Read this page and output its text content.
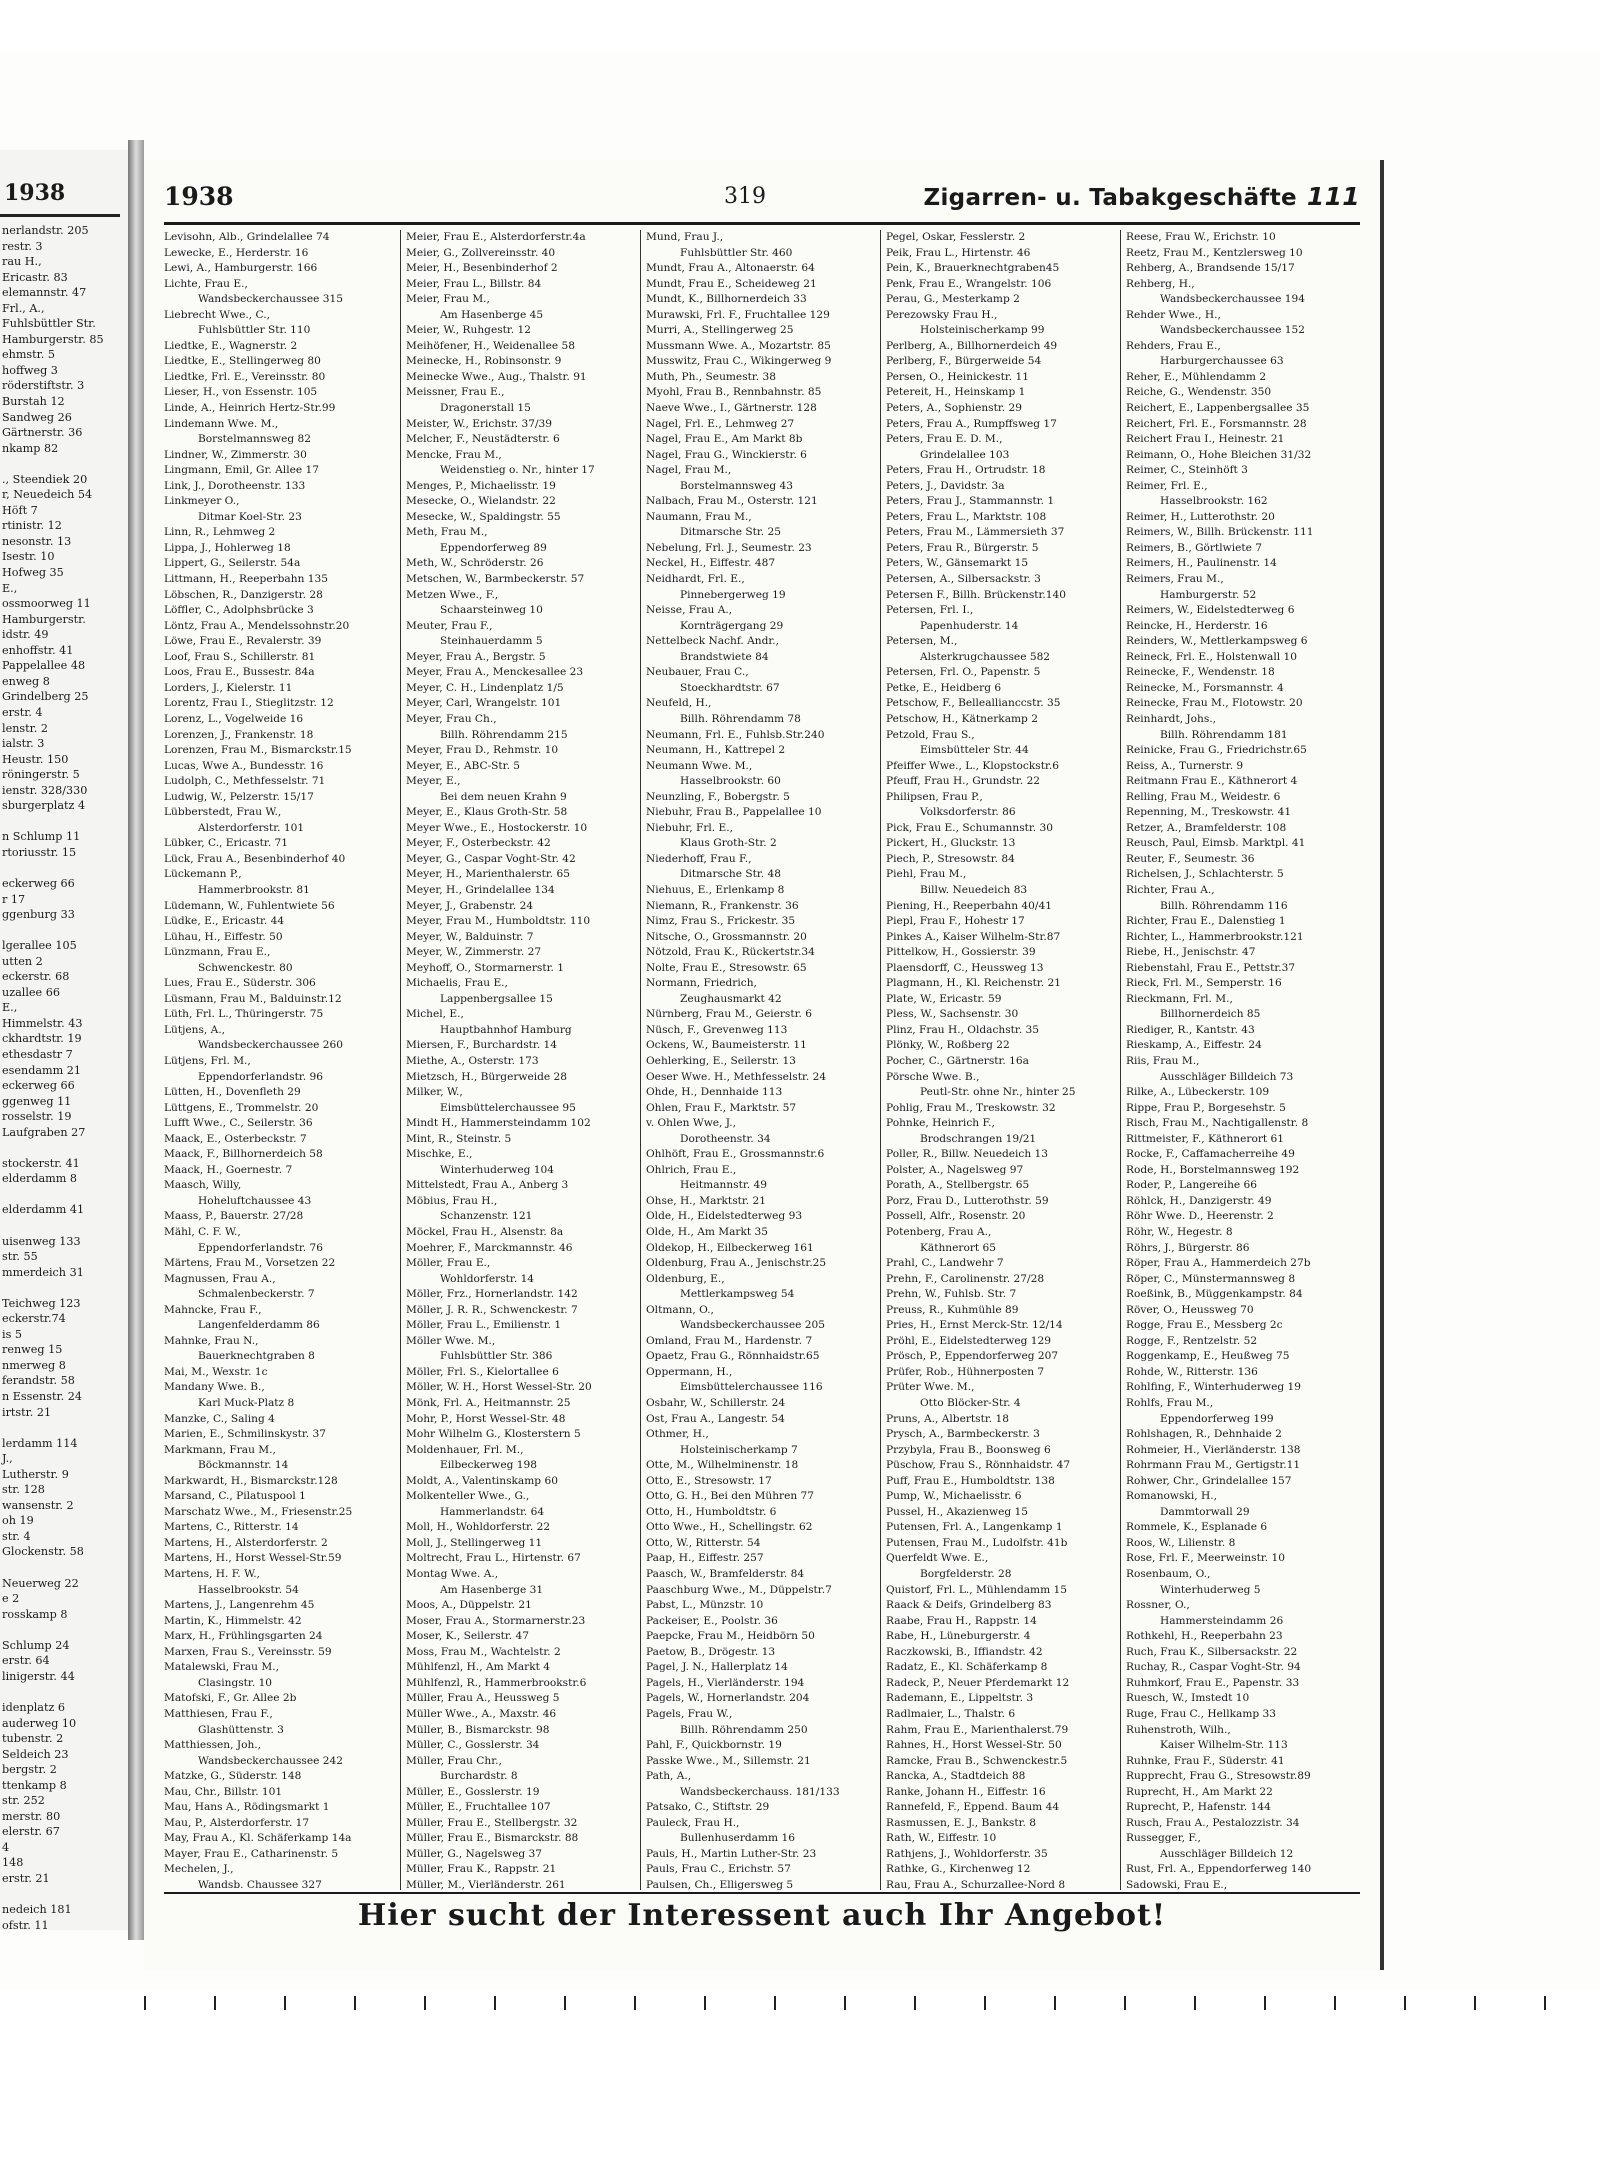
1938
nerlandstr. 205
restr. 3
rau H.,
Ericastr. 83
elemannstr. 47
Frl., A.,
Fuhlsbüttler Str.
Hamburgerstr. 85
ehmstr. 5
hoffweg 3
röderstiftstr. 3
Burstah 12
Sandweg 26
Gärtnerstr. 36
nkamp 82

., Steendiek 20
r, Neuedeich 54
Höft 7
rtinistr. 12
nesonstr. 13
Isestr. 10
Hofweg 35
E.,
ossmoorweg 11
Hamburgerstr.
idstr. 49
enhoffstr. 41
Pappelallee 48
enweg 8
Grindelberg 25
erstr. 4
lenstr. 2
ialstr. 3
Heustr. 150
röningerstr. 5
ienstr. 328/330
sburgerplatz 4

n Schlump 11
rtoriusstr. 15

eckerweg 66
r 17
ggenburg 33

lgerallee 105
utten 2
eckerstr. 68
uzallee 66
E.,
Himmelstr. 43
ckhardtstr. 19
ethesdastr 7
esendamm 21
eckerweg 66
ggenweg 11
rosselstr. 19
Laufgraben 27

stockerstr. 41
elderdamm 8

elderdamm 41

uisenweg 133
str. 55
mmerdeich 31

Teichweg 123
eckerstr.74
is 5
renweg 15
nmerweg 8
ferandstr. 58
n Essenstr. 24
irtstr. 21

lerdamm 114
J.,
Lutherstr. 9
str. 128
wansenstr. 2
oh 19
str. 4
Glockenstr. 58

Neuerweg 22
e 2
rosskamp 8

Schlump 24
erstr. 64
linigerstr. 44

idenplatz 6
auderweg 10
tubenstr. 2
Seldeich 23
bergstr. 2
ttenkamp 8
str. 252
merstr. 80
elerstr. 67
4
148
erstr. 21

nedeich 181
ofstr. 11

1938	319	Zigarren- u. Tabakgeschäfte 111
Levisohn, Alb., Grindelallee 74
Lewecke, E., Herderstr. 16
Lewi, A., Hamburgerstr. 166
Lichte, Frau E.,
Wandsbeckerchaussee 315
Liebrecht Wwe., C.,
Fuhlsbüttler Str. 110
Liedtke, E., Wagnerstr. 2
Liedtke, E., Stellingerweg 80
Liedtke, Frl. E., Vereinsstr. 80
Lieser, H., von Essenstr. 105
Linde, A., Heinrich Hertz-Str.99
Lindemann Wwe. M.,
Borstelmannsweg 82
Lindner, W., Zimmerstr. 30
Lingmann, Emil, Gr. Allee 17
Link, J., Dorotheenstr. 133
Linkmeyer O.,
Ditmar Koel-Str. 23
Linn, R., Lehmweg 2
Lippa, J., Hohlerweg 18
Lippert, G., Seilerstr. 54a
Littmann, H., Reeperbahn 135
Löbschen, R., Danzigerstr. 28
Löffler, C., Adolphsbrücke 3
Löntz, Frau A., Mendelssohnstr.20
Löwe, Frau E., Revalerstr. 39
Loof, Frau S., Schillerstr. 81
Loos, Frau E., Bussestr. 84a
Lorders, J., Kielerstr. 11
Lorentz, Frau I., Stieglitzstr. 12
Lorenz, L., Vogelweide 16
Lorenzen, J., Frankenstr. 18
Lorenzen, Frau M., Bismarckstr.15
Lucas, Wwe A., Bundesstr. 16
Ludolph, C., Methfesselstr. 71
Ludwig, W., Pelzerstr. 15/17
Lübberstedt, Frau W.,
Alsterdorferstr. 101
Lübker, C., Ericastr. 71
Lück, Frau A., Besenbinderhof 40
Lückemann P.,
Hammerbrookstr. 81
Lüdemann, W., Fuhlentwiete 56
Lüdke, E., Ericastr. 44
Lühau, H., Eiffestr. 50
Lünzmann, Frau E.,
Schwenckestr. 80
Lues, Frau E., Süderstr. 306
Lüsmann, Frau M., Balduinstr.12
Lüth, Frl. L., Thüringerstr. 75
Lütjens, A.,
Wandsbeckerchaussee 260
Lütjens, Frl. M.,
Eppendorferlandstr. 96
Lütten, H., Dovenfleth 29
Lüttgens, E., Trommelstr. 20
Lufft Wwe., C., Seilerstr. 36
Maack, E., Osterbeckstr. 7
Maack, F., Billhornerdeich 58
Maack, H., Goernestr. 7
Maasch, Willy,
Hoheluftchaussee 43
Maass, P., Bauerstr. 27/28
Mähl, C. F. W.,
Eppendorferlandstr. 76
Märtens, Frau M., Vorsetzen 22
Magnussen, Frau A.,
Schmalenbeckerstr. 7
Mahncke, Frau F.,
Langenfelderdamm 86
Mahnke, Frau N.,
Bauerknechtgraben 8
Mai, M., Wexstr. 1c
Mandany Wwe. B.,
Karl Muck-Platz 8
Manzke, C., Saling 4
Marien, E., Schmilinskystr. 37
Markmann, Frau M.,
Böckmannstr. 14
Markwardt, H., Bismarckstr.128
Marsand, C., Pilatuspool 1
Marschatz Wwe., M., Friesenstr.25
Martens, C., Ritterstr. 14
Martens, H., Alsterdorferstr. 2
Martens, H., Horst Wessel-Str.59
Martens, H. F. W.,
Hasselbrookstr. 54
Martens, J., Langenrehm 45
Martin, K., Himmelstr. 42
Marx, H., Frühlingsgarten 24
Marxen, Frau S., Vereinsstr. 59
Matalewski, Frau M.,
Clasingstr. 10
Matofski, F., Gr. Allee 2b
Matthiesen, Frau F.,
Glashüttenstr. 3
Matthiessen, Joh.,
Wandsbeckerchaussee 242
Matzke, G., Süderstr. 148
Mau, Chr., Billstr. 101
Mau, Hans A., Rödingsmarkt 1
Mau, P., Alsterdorferstr. 17
May, Frau A., Kl. Schäferkamp 14a
Mayer, Frau E., Catharinenstr. 5
Mechelen, J.,
Wandsb. Chaussee 327
Meier, Frau E., Alsterdorferstr.4a
Meier, G., Zollvereinsstr. 40
Meier, H., Besenbinderhof 2
Meier, Frau L., Billstr. 84
Meier, Frau M.,
Am Hasenberge 45
Meier, W., Ruhgestr. 12
Meihöfener, H., Weidenallee 58
Meinecke, H., Robinsonstr. 9
Meinecke Wwe., Aug., Thalstr. 91
Meissner, Frau E.,
Dragonerstall 15
Meister, W., Erichstr. 37/39
Melcher, F., Neustädterstr. 6
Mencke, Frau M.,
Weidenstieg o. Nr., hinter 17
Menges, P., Michaelisstr. 19
Mesecke, O., Wielandstr. 22
Mesecke, W., Spaldingstr. 55
Meth, Frau M.,
Eppendorferweg 89
Meth, W., Schröderstr. 26
Metschen, W., Barmbeckerstr. 57
Metzen Wwe., F.,
Schaarsteinweg 10
Meuter, Frau F.,
Steinhauerdamm 5
Meyer, Frau A., Bergstr. 5
Meyer, Frau A., Menckesallee 23
Meyer, C. H., Lindenplatz 1/5
Meyer, Carl, Wrangelstr. 101
Meyer, Frau Ch.,
Billh. Röhrendamm 215
Meyer, Frau D., Rehmstr. 10
Meyer, E., ABC-Str. 5
Meyer, E.,
Bei dem neuen Krahn 9
Meyer, E., Klaus Groth-Str. 58
Meyer Wwe., E., Hostockerstr. 10
Meyer, F., Osterbeckstr. 42
Meyer, G., Caspar Voght-Str. 42
Meyer, H., Marienthalerstr. 65
Meyer, H., Grindelallee 134
Meyer, J., Grabenstr. 24
Meyer, Frau M., Humboldtstr. 110
Meyer, W., Balduinstr. 7
Meyer, W., Zimmerstr. 27
Meyhoff, O., Stormarnerstr. 1
Michaelis, Frau E.,
Lappenbergsallee 15
Michel, E.,
Hauptbahnhof Hamburg
Miersen, F., Burchardstr. 14
Miethe, A., Osterstr. 173
Mietzsch, H., Bürgerweide 28
Milker, W.,
Eimsbüttelerchaussee 95
Mindt H., Hammersteindamm 102
Mint, R., Steinstr. 5
Mischke, E.,
Winterhuderweg 104
Mittelstedt, Frau A., Anberg 3
Möbius, Frau H.,
Schanzenstr. 121
Möckel, Frau H., Alsenstr. 8a
Moehrer, F., Marckmannstr. 46
Möller, Frau E.,
Wohldorferstr. 14
Möller, Frz., Hornerlandstr. 142
Möller, J. R. R., Schwenckestr. 7
Möller, Frau L., Emilienstr. 1
Möller Wwe. M.,
Fuhlsbüttler Str. 386
Möller, Frl. S., Kielortallee 6
Möller, W. H., Horst Wessel-Str. 20
Mönk, Frl. A., Heitmannstr. 25
Mohr, P., Horst Wessel-Str. 48
Mohr Wilhelm G., Klosterstern 5
Moldenhauer, Frl. M.,
Eilbeckerweg 198
Moldt, A., Valentinskamp 60
Molkenteller Wwe., G.,
Hammerlandstr. 64
Moll, H., Wohldorferstr. 22
Moll, J., Stellingerweg 11
Moltrecht, Frau L., Hirtenstr. 67
Montag Wwe. A.,
Am Hasenberge 31
Moos, A., Düppelstr. 21
Moser, Frau A., Stormarnerstr.23
Moser, K., Seilerstr. 47
Moss, Frau M., Wachtelstr. 2
Mühlfenzl, H., Am Markt 4
Mühlfenzl, R., Hammerbrookstr.6
Müller, Frau A., Heussweg 5
Müller Wwe., A., Maxstr. 46
Müller, B., Bismarckstr. 98
Müller, C., Gosslerstr. 34
Müller, Frau Chr.,
Burchardstr. 8
Müller, E., Gosslerstr. 19
Müller, E., Fruchtallee 107
Müller, Frau E., Stellbergstr. 32
Müller, Frau E., Bismarckstr. 88
Müller, G., Nagelsweg 37
Müller, Frau K., Rappstr. 21
Müller, M., Vierländerstr. 261
Mund, Frau J.,
Fuhlsbüttler Str. 460
Mundt, Frau A., Altonaerstr. 64
Mundt, Frau E., Scheideweg 21
Mundt, K., Billhornerdeich 33
Murawski, Frl. F., Fruchtallee 129
Murri, A., Stellingerweg 25
Mussmann Wwe. A., Mozartstr. 85
Musswitz, Frau C., Wikingerweg 9
Muth, Ph., Seumestr. 38
Myohl, Frau B., Rennbahnstr. 85
Naeve Wwe., I., Gärtnerstr. 128
Nagel, Frl. E., Lehmweg 27
Nagel, Frau E., Am Markt 8b
Nagel, Frau G., Winckierstr. 6
Nagel, Frau M.,
Borstelmannsweg 43
Nalbach, Frau M., Osterstr. 121
Naumann, Frau M.,
Ditmarsche Str. 25
Nebelung, Frl. J., Seumestr. 23
Neckel, H., Eiffestr. 487
Neidhardt, Frl. E.,
Pinnebergerweg 19
Neisse, Frau A.,
Kornträgergang 29
Nettelbeck Nachf. Andr.,
Brandstwiete 84
Neubauer, Frau C.,
Stoeckhardtstr. 67
Neufeld, H.,
Billh. Röhrendamm 78
Neumann, Frl. E., Fuhlsb.Str.240
Neumann, H., Kattrepel 2
Neumann Wwe. M.,
Hasselbrookstr. 60
Neunzling, F., Bobergstr. 5
Niebuhr, Frau B., Pappelallee 10
Niebuhr, Frl. E.,
Klaus Groth-Str. 2
Niederhoff, Frau F.,
Ditmarsche Str. 48
Niehuus, E., Erlenkamp 8
Niemann, R., Frankenstr. 36
Nimz, Frau S., Frickestr. 35
Nitsche, O., Grossmannstr. 20
Nötzold, Frau K., Rückertstr.34
Nolte, Frau E., Stresowstr. 65
Normann, Friedrich,
Zeughausmarkt 42
Nürnberg, Frau M., Geierstr. 6
Nüsch, F., Grevenweg 113
Ockens, W., Baumeisterstr. 11
Oehlerking, E., Seilerstr. 13
Oeser Wwe. H., Methfesselstr. 24
Ohde, H., Dennhaide 113
Ohlen, Frau F., Marktstr. 57
v. Ohlen Wwe, J.,
Dorotheenstr. 34
Ohlhöft, Frau E., Grossmannstr.6
Ohlrich, Frau E.,
Heitmannstr. 49
Ohse, H., Marktstr. 21
Olde, H., Eidelstedterweg 93
Olde, H., Am Markt 35
Oldekop, H., Eilbeckerweg 161
Oldenburg, Frau A., Jenischstr.25
Oldenburg, E.,
Mettlerkampsweg 54
Oltmann, O.,
Wandsbeckerchaussee 205
Omland, Frau M., Hardenstr. 7
Opaetz, Frau G., Rönnhaidstr.65
Oppermann, H.,
Eimsbüttelerchaussee 116
Osbahr, W., Schillerstr. 24
Ost, Frau A., Langestr. 54
Othmer, H.,
Holsteinischerkamp 7
Otte, M., Wilhelminenstr. 18
Otto, E., Stresowstr. 17
Otto, G. H., Bei den Mühren 77
Otto, H., Humboldtstr. 6
Otto Wwe., H., Schellingstr. 62
Otto, W., Ritterstr. 54
Paap, H., Eiffestr. 257
Paasch, W., Bramfelderstr. 84
Paaschburg Wwe., M., Düppelstr.7
Pabst, L., Münzstr. 10
Packeiser, E., Poolstr. 36
Paepcke, Frau M., Heidbörn 50
Paetow, B., Drögestr. 13
Pagel, J. N., Hallerplatz 14
Pagels, H., Vierländerstr. 194
Pagels, W., Hornerlandstr. 204
Pagels, Frau W.,
Billh. Röhrendamm 250
Pahl, F., Quickbornstr. 19
Passke Wwe., M., Sillemstr. 21
Path, A.,
Wandsbeckerchauss. 181/133
Patsako, C., Stiftstr. 29
Pauleck, Frau H.,
Bullenhuserdamm 16
Pauls, H., Martin Luther-Str. 23
Pauls, Frau C., Erichstr. 57
Paulsen, Ch., Elligersweg 5
Pegel, Oskar, Fesslerstr. 2
Peik, Frau L., Hirtenstr. 46
Pein, K., Brauerknechtgraben45
Penk, Frau E., Wrangelstr. 106
Perau, G., Mesterkamp 2
Perezowsky Frau H.,
Holsteinischerkamp 99
Perlberg, A., Billhornerdeich 49
Perlberg, F., Bürgerweide 54
Persen, O., Heinickestr. 11
Petereit, H., Heinskamp 1
Peters, A., Sophienstr. 29
Peters, Frau A., Rumpffsweg 17
Peters, Frau E. D. M.,
Grindelallee 103
Peters, Frau H., Ortrudstr. 18
Peters, J., Davidstr. 3a
Peters, Frau J., Stammannstr. 1
Peters, Frau L., Marktstr. 108
Peters, Frau M., Lämmersieth 37
Peters, Frau R., Bürgerstr. 5
Peters, W., Gänsemarkt 15
Petersen, A., Silbersackstr. 3
Petersen F., Billh. Brückenstr.140
Petersen, Frl. I.,
Papenhuderstr. 14
Petersen, M.,
Alsterkrugchaussee 582
Petersen, Frl. O., Papenstr. 5
Petke, E., Heidberg 6
Petschow, F., Belleallianccstr. 35
Petschow, H., Kätnerkamp 2
Petzold, Frau S.,
Eimsbütteler Str. 44
Pfeiffer Wwe., L., Klopstockstr.6
Pfeuff, Frau H., Grundstr. 22
Philipsen, Frau P.,
Volksdorferstr. 86
Pick, Frau E., Schumannstr. 30
Pickert, H., Gluckstr. 13
Piech, P., Stresowstr. 84
Piehl, Frau M.,
Billw. Neuedeich 83
Piening, H., Reeperbahn 40/41
Piepl, Frau F., Hohestr 17
Pinkes A., Kaiser Wilhelm-Str.87
Pittelkow, H., Gossierstr. 39
Plaensdorff, C., Heussweg 13
Plagmann, H., Kl. Reichenstr. 21
Plate, W., Ericastr. 59
Pless, W., Sachsenstr. 30
Plinz, Frau H., Oldachstr. 35
Plönky, W., Roßberg 22
Pocher, C., Gärtnerstr. 16a
Pörsche Wwe. B.,
Peutl-Str. ohne Nr., hinter 25
Pohlig, Frau M., Treskowstr. 32
Pohnke, Heinrich F.,
Brodschrangen 19/21
Poller, R., Billw. Neuedeich 13
Polster, A., Nagelsweg 97
Porath, A., Stellbergstr. 65
Porz, Frau D., Lutterothstr. 59
Possell, Alfr., Rosenstr. 20
Potenberg, Frau A.,
Käthnerort 65
Prahl, C., Landwehr 7
Prehn, F., Carolinenstr. 27/28
Prehn, W., Fuhlsb. Str. 7
Preuss, R., Kuhmühle 89
Pries, H., Ernst Merck-Str. 12/14
Pröhl, E., Eidelstedterweg 129
Prösch, P., Eppendorferweg 207
Prüfer, Rob., Hühnerposten 7
Prüter Wwe. M.,
Otto Blöcker-Str. 4
Pruns, A., Albertstr. 18
Prysch, A., Barmbeckerstr. 3
Przybyla, Frau B., Boonsweg 6
Püschow, Frau S., Rönnhaidstr. 47
Puff, Frau E., Humboldtstr. 138
Pump, W., Michaelisstr. 6
Pussel, H., Akazienweg 15
Putensen, Frl. A., Langenkamp 1
Putensen, Frau M., Ludolfstr. 41b
Querfeldt Wwe. E.,
Borgfelderstr. 28
Quistorf, Frl. L., Mühlendamm 15
Raack & Deifs, Grindelberg 83
Raabe, Frau H., Rappstr. 14
Rabe, H., Lüneburgerstr. 4
Raczkowski, B., Iffiandstr. 42
Radatz, E., Kl. Schäferkamp 8
Radeck, P., Neuer Pferdemarkt 12
Rademann, E., Lippeltstr. 3
Radlmaier, L., Thalstr. 6
Rahm, Frau E., Marienthalerst.79
Rahnes, H., Horst Wessel-Str. 50
Ramcke, Frau B., Schwenckestr.5
Rancka, A., Stadtdeich 88
Ranke, Johann H., Eiffestr. 16
Rannefeld, F., Eppend. Baum 44
Rasmussen, E. J., Bankstr. 8
Rath, W., Eiffestr. 10
Rathjens, J., Wohldorferstr. 35
Rathke, G., Kirchenweg 12
Rau, Frau A., Schurzallee-Nord 8
Reese, Frau W., Erichstr. 10
Reetz, Frau M., Kentzlersweg 10
Rehberg, A., Brandsende 15/17
Rehberg, H.,
Wandsbeckerchaussee 194
Rehder Wwe., H.,
Wandsbeckerchaussee 152
Rehders, Frau E.,
Harburgerchaussee 63
Reher, E., Mühlendamm 2
Reiche, G., Wendenstr. 350
Reichert, E., Lappenbergsallee 35
Reichert, Frl. E., Forsmannstr. 28
Reichert Frau I., Heinestr. 21
Reimann, O., Hohe Bleichen 31/32
Reimer, C., Steinhöft 3
Reimer, Frl. E.,
Hasselbrookstr. 162
Reimer, H., Lutterothstr. 20
Reimers, W., Billh. Brückenstr. 111
Reimers, B., Görtlwiete 7
Reimers, H., Paulinenstr. 14
Reimers, Frau M.,
Hamburgerstr. 52
Reimers, W., Eidelstedterweg 6
Reincke, H., Herderstr. 16
Reinders, W., Mettlerkampsweg 6
Reineck, Frl. E., Holstenwall 10
Reinecke, F., Wendenstr. 18
Reinecke, M., Forsmannstr. 4
Reinecke, Frau M., Flotowstr. 20
Reinhardt, Johs.,
Billh. Röhrendamm 181
Reinicke, Frau G., Friedrichstr.65
Reiss, A., Turnerstr. 9
Reitmann Frau E., Käthnerort 4
Relling, Frau M., Weidestr. 6
Repenning, M., Treskowstr. 41
Retzer, A., Bramfelderstr. 108
Reusch, Paul, Eimsb. Marktpl. 41
Reuter, F., Seumestr. 36
Richelsen, J., Schlachterstr. 5
Richter, Frau A.,
Billh. Röhrendamm 116
Richter, Frau E., Dalenstieg 1
Richter, L., Hammerbrookstr.121
Riebe, H., Jenischstr. 47
Riebenstahl, Frau E., Pettstr.37
Rieck, Frl. M., Semperstr. 16
Rieckmann, Frl. M.,
Billhornerdeich 85
Riediger, R., Kantstr. 43
Rieskamp, A., Eiffestr. 24
Riis, Frau M.,
Ausschläger Billdeich 73
Rilke, A., Lübeckerstr. 109
Rippe, Frau P., Borgesehstr. 5
Risch, Frau M., Nachtigallenstr. 8
Rittmeister, F., Käthnerort 61
Rocke, F., Caffamacherreihe 49
Rode, H., Borstelmannsweg 192
Roder, P., Langereihe 66
Röhlck, H., Danzigerstr. 49
Röhr Wwe. D., Heerenstr. 2
Röhr, W., Hegestr. 8
Röhrs, J., Bürgerstr. 86
Röper, Frau A., Hammerdeich 27b
Röper, C., Münstermannsweg 8
Roeßink, B., Müggenkampstr. 84
Röver, O., Heussweg 70
Rogge, Frau E., Messberg 2c
Rogge, F., Rentzelstr. 52
Roggenkamp, E., Heußweg 75
Rohde, W., Ritterstr. 136
Rohlfing, F., Winterhuderweg 19
Rohlfs, Frau M.,
Eppendorferweg 199
Rohlshagen, R., Dehnhaide 2
Rohmeier, H., Vierländerstr. 138
Rohrmann Frau M., Gertigstr.11
Rohwer, Chr., Grindelallee 157
Romanowski, H.,
Dammtorwall 29
Rommele, K., Esplanade 6
Roos, W., Lilienstr. 8
Rose, Frl. F., Meerweinstr. 10
Rosenbaum, O.,
Winterhuderweg 5
Rossner, O.,
Hammersteindamm 26
Rothkehl, H., Reeperbahn 23
Ruch, Frau K., Silbersackstr. 22
Ruchay, R., Caspar Voght-Str. 94
Ruhmkorf, Frau E., Papenstr. 33
Ruesch, W., Imstedt 10
Ruge, Frau C., Hellkamp 33
Ruhenstroth, Wilh.,
Kaiser Wilhelm-Str. 113
Ruhnke, Frau F., Süderstr. 41
Rupprecht, Frau G., Stresowstr.89
Ruprecht, H., Am Markt 22
Ruprecht, P., Hafenstr. 144
Rusch, Frau A., Pestalozzistr. 34
Russegger, F.,
Ausschläger Billdeich 12
Rust, Frl. A., Eppendorferweg 140
Sadowski, Frau E.,
Hier sucht der Interessent auch Ihr Angebot!
